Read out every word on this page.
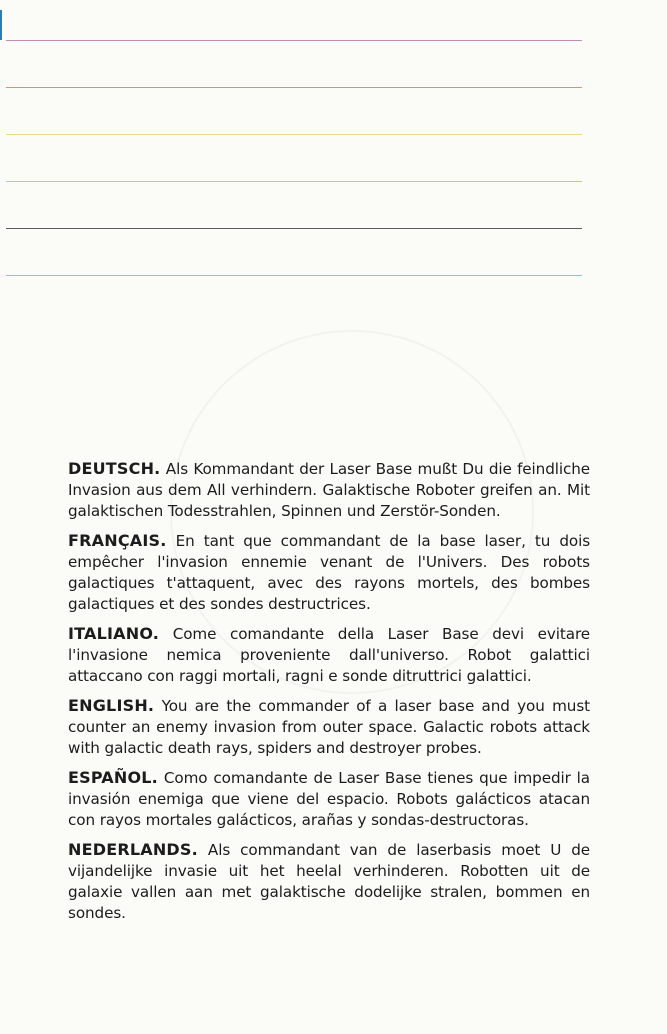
DEUTSCH. Als Kommandant der Laser Base mußt Du die feindliche Invasion aus dem All verhindern. Galaktische Roboter greifen an. Mit galaktischen Todesstrahlen, Spinnen und Zerstör-Sonden.

FRANÇAIS. En tant que commandant de la base laser, tu dois empêcher l'invasion ennemie venant de l'Univers. Des robots galactiques t'attaquent, avec des rayons mortels, des bombes galactiques et des sondes destructrices.

ITALIANO. Come comandante della Laser Base devi evitare l'invasione nemica proveniente dall'universo. Robot galattici attaccano con raggi mortali, ragni e sonde ditruttrici galattici.

ENGLISH. You are the commander of a laser base and you must counter an enemy invasion from outer space. Galactic robots attack with galactic death rays, spiders and destroyer probes.

ESPAÑOL. Como comandante de Laser Base tienes que impedir la invasión enemiga que viene del espacio. Robots galácticos atacan con rayos mortales galácticos, arañas y sondas-destructoras.

NEDERLANDS. Als commandant van de laserbasis moet U de vijandelijke invasie uit het heelal verhinderen. Robotten uit de galaxie vallen aan met galaktische dodelijke stralen, bommen en sondes.
